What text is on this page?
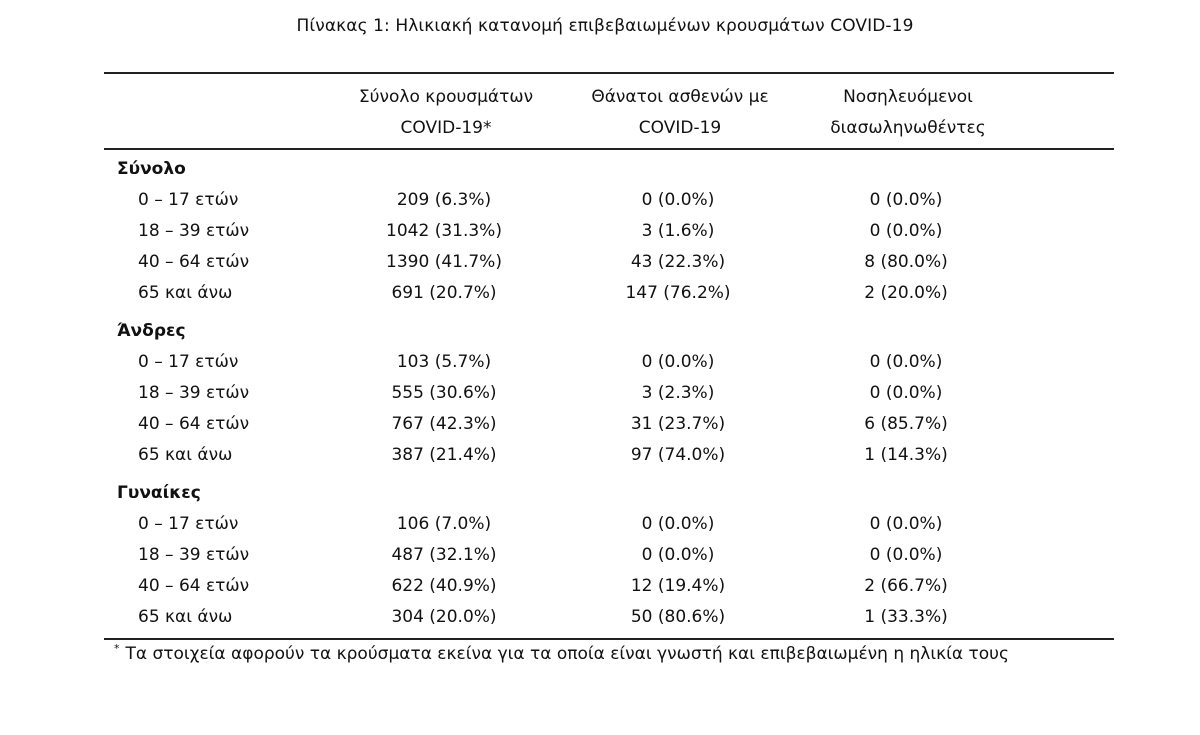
Πίνακας 1: Ηλικιακή κατανομή επιβεβαιωμένων κρουσμάτων COVID-19
Σύνολο κρουσμάτων
COVID-19*
Θάνατοι ασθενών με
COVID-19
Νοσηλευόμενοι
διασωληνωθέντες
Σύνολο
0 – 17 ετών	209 (6.3%)	0 (0.0%)	0 (0.0%)
18 – 39 ετών	1042 (31.3%)	3 (1.6%)	0 (0.0%)
40 – 64 ετών	1390 (41.7%)	43 (22.3%)	8 (80.0%)
65 και άνω	691 (20.7%)	147 (76.2%)	2 (20.0%)
Άνδρες
0 – 17 ετών	103 (5.7%)	0 (0.0%)	0 (0.0%)
18 – 39 ετών	555 (30.6%)	3 (2.3%)	0 (0.0%)
40 – 64 ετών	767 (42.3%)	31 (23.7%)	6 (85.7%)
65 και άνω	387 (21.4%)	97 (74.0%)	1 (14.3%)
Γυναίκες
0 – 17 ετών	106 (7.0%)	0 (0.0%)	0 (0.0%)
18 – 39 ετών	487 (32.1%)	0 (0.0%)	0 (0.0%)
40 – 64 ετών	622 (40.9%)	12 (19.4%)	2 (66.7%)
65 και άνω	304 (20.0%)	50 (80.6%)	1 (33.3%)
* Τα στοιχεία αφορούν τα κρούσματα εκείνα για τα οποία είναι γνωστή και επιβεβαιωμένη η ηλικία τους
